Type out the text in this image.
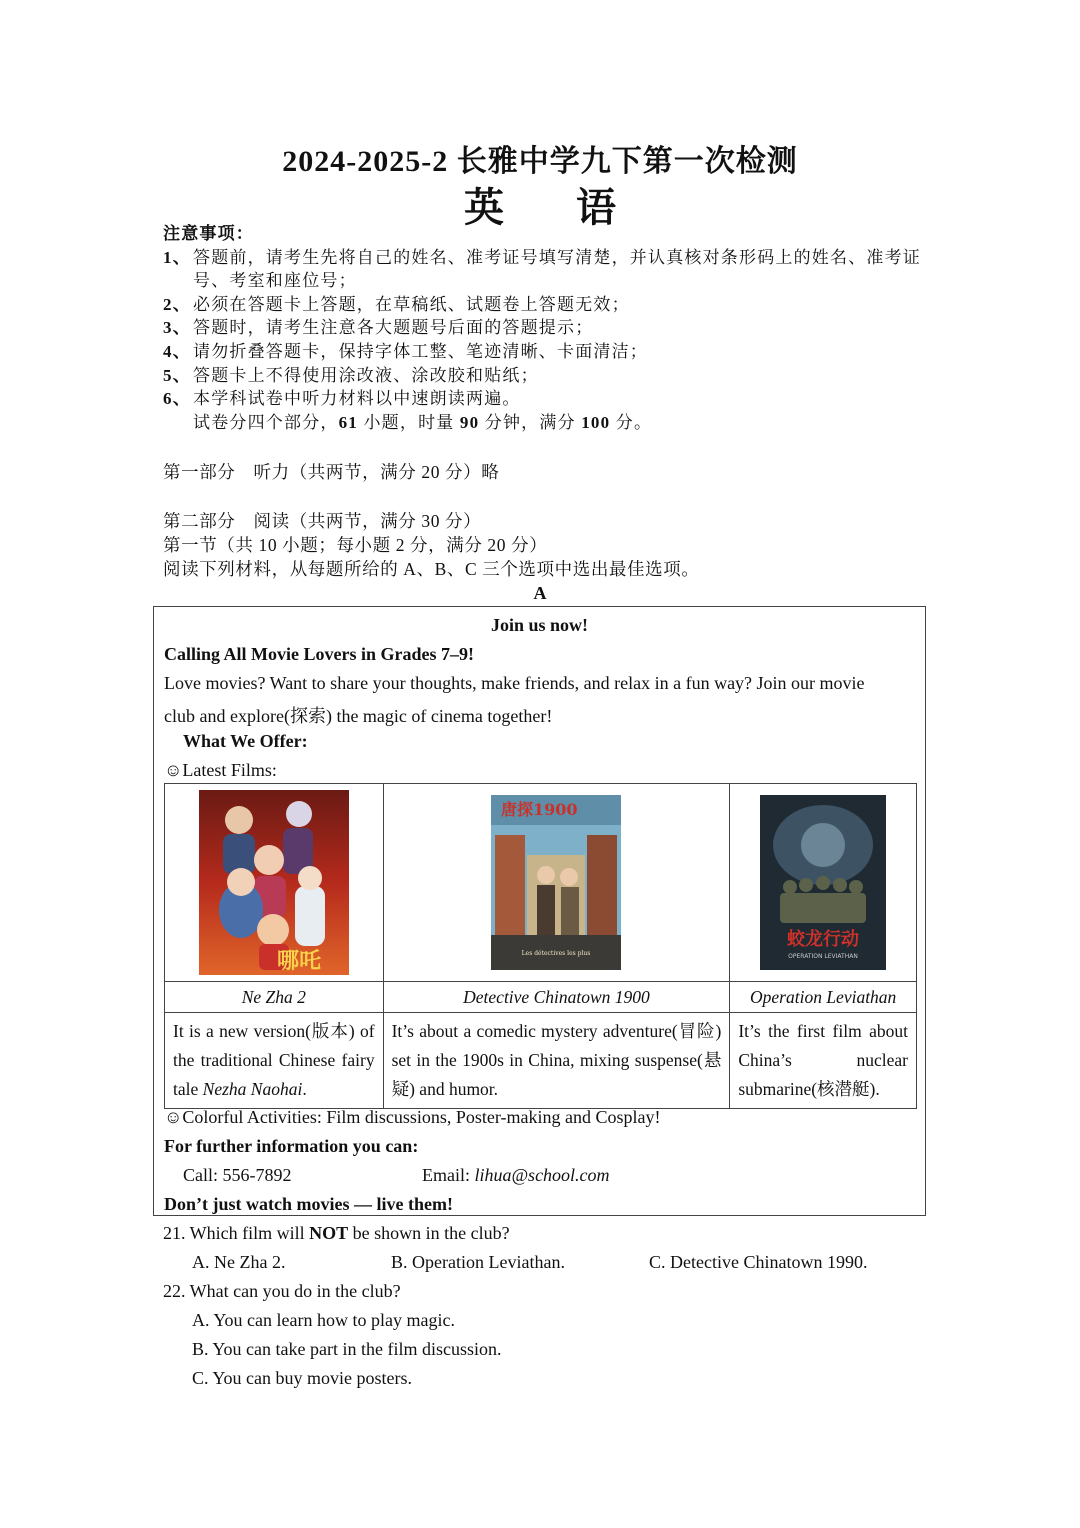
2024-2025-2 长雅中学九下第一次检测
英语
注意事项：
1、 答题前，请考生先将自己的姓名、准考证号填写清楚，并认真核对条形码上的姓名、准考证号、考室和座位号；
2、 必须在答题卡上答题，在草稿纸、试题卷上答题无效；
3、 答题时，请考生注意各大题题号后面的答题提示；
4、 请勿折叠答题卡，保持字体工整、笔迹清晰、卡面清洁；
5、 答题卡上不得使用涂改液、涂改胶和贴纸；
6、 本学科试卷中听力材料以中速朗读两遍。
试卷分四个部分，61 小题，时量 90 分钟，满分 100 分。
第一部分　听力（共两节，满分 20 分）略
第二部分　阅读（共两节，满分 30 分）
第一节（共 10 小题；每小题 2 分，满分 20 分）
阅读下列材料，从每题所给的 A、B、C 三个选项中选出最佳选项。
A
Join us now!
Calling All Movie Lovers in Grades 7–9!
Love movies? Want to share your thoughts, make friends, and relax in a fun way? Join our movie
club and explore(探索) the magic of cinema together!
What We Offer:
☺Latest Films:
哪吒	唐探1900
Les détectives les plus	蛟龙行动
OPERATION LEVIATHAN

Ne Zha 2	Detective Chinatown 1900	Operation Leviathan
It is a new version(版本) of the traditional Chinese fairy tale Nezha Naohai.	It’s about a comedic mystery adventure(冒险) set in the 1900s in China, mixing suspense(悬疑) and humor.	It’s the first film about China’s nuclear submarine(核潜艇).
☺Colorful Activities: Film discussions, Poster-making and Cosplay!
For further information you can:
Call: 556-7892	Email: lihua@school.com
Don’t just watch movies — live them!
21. Which film will NOT be shown in the club?
A. Ne Zha 2.	B. Operation Leviathan.	C. Detective Chinatown 1990.
22. What can you do in the club?
A. You can learn how to play magic.
B. You can take part in the film discussion.
C. You can buy movie posters.
